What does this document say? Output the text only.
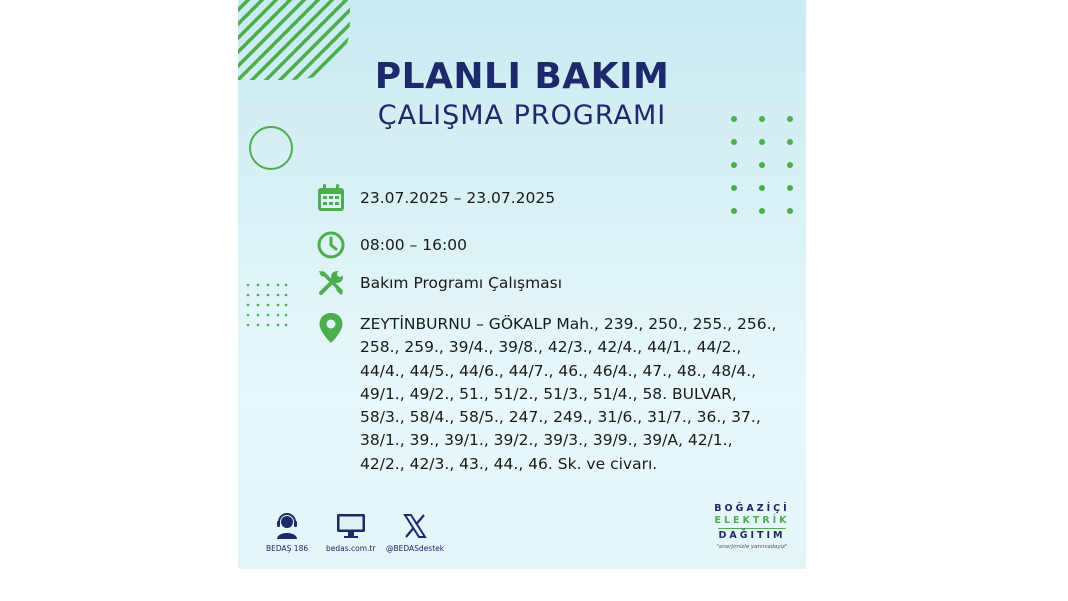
PLANLI BAKIM
ÇALIŞMA PROGRAMI
23.07.2025 – 23.07.2025
08:00 – 16:00
Bakım Programı Çalışması
ZEYTİNBURNU – GÖKALP Mah., 239., 250., 255., 256.,
258., 259., 39/4., 39/8., 42/3., 42/4., 44/1., 44/2.,
44/4., 44/5., 44/6., 44/7., 46., 46/4., 47., 48., 48/4.,
49/1., 49/2., 51., 51/2., 51/3., 51/4., 58. BULVAR,
58/3., 58/4., 58/5., 247., 249., 31/6., 31/7., 36., 37.,
38/1., 39., 39/1., 39/2., 39/3., 39/9., 39/A, 42/1.,
42/2., 42/3., 43., 44., 46. Sk. ve civarı.
BEDAŞ 186 bedas.com.tr @BEDASdestek
BOĞAZİÇİ
ELEKTRİK
DAĞITIM
"enerjimizle yanınızdayız"
